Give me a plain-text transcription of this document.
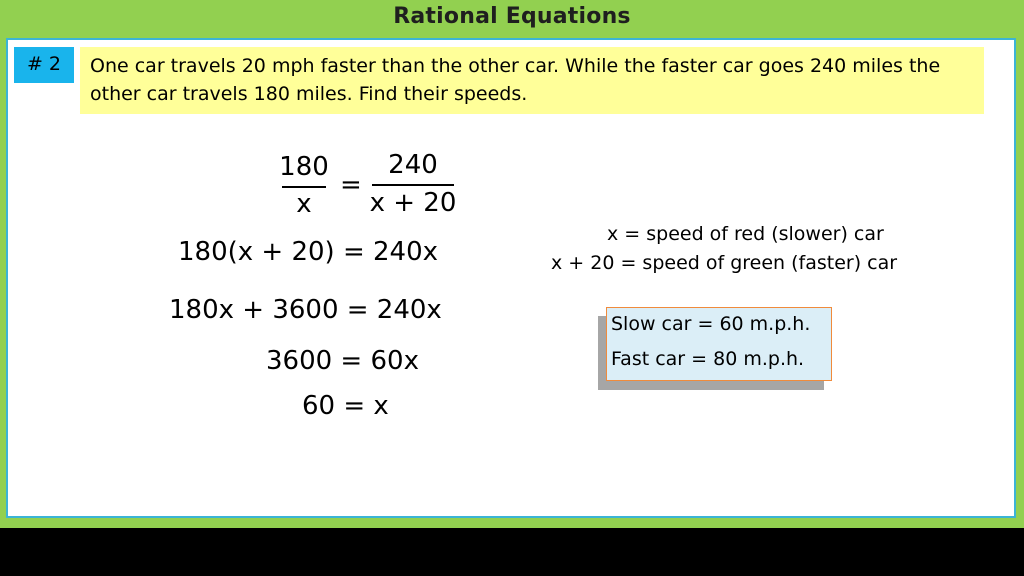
Rational Equations
# 2	One car travels 20 mph faster than the other car. While the faster car goes 240 miles the other car travels 180 miles. Find their speeds.
180
x
=
240
x + 20
180(x + 20) = 240x
180x + 3600 = 240x
3600 = 60x
60 = x
x = speed of red (slower) car
x + 20 = speed of green (faster) car
Slow car = 60 m.p.h.
Fast car = 80 m.p.h.
